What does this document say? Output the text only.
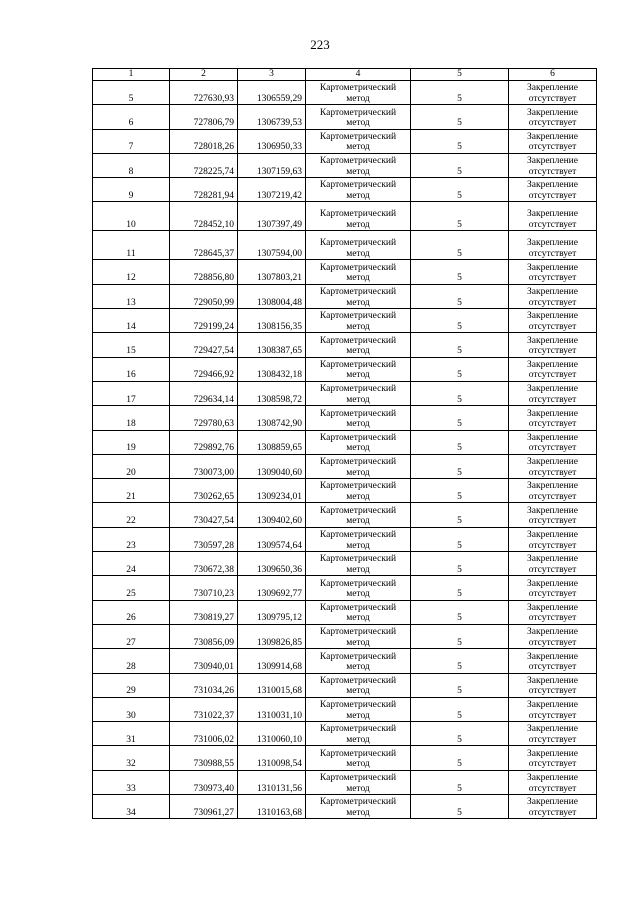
223
1	2	3	4	5	6
5	727630,93	1306559,29	Картометрический метод	5	Закрепление отсутствует
6	727806,79	1306739,53	Картометрический метод	5	Закрепление отсутствует
7	728018,26	1306950,33	Картометрический метод	5	Закрепление отсутствует
8	728225,74	1307159,63	Картометрический метод	5	Закрепление отсутствует
9	728281,94	1307219,42	Картометрический метод	5	Закрепление отсутствует
10	728452,10	1307397,49	Картометрический метод	5	Закрепление отсутствует
11	728645,37	1307594,00	Картометрический метод	5	Закрепление отсутствует
12	728856,80	1307803,21	Картометрический метод	5	Закрепление отсутствует
13	729050,99	1308004,48	Картометрический метод	5	Закрепление отсутствует
14	729199,24	1308156,35	Картометрический метод	5	Закрепление отсутствует
15	729427,54	1308387,65	Картометрический метод	5	Закрепление отсутствует
16	729466,92	1308432,18	Картометрический метод	5	Закрепление отсутствует
17	729634,14	1308598,72	Картометрический метод	5	Закрепление отсутствует
18	729780,63	1308742,90	Картометрический метод	5	Закрепление отсутствует
19	729892,76	1308859,65	Картометрический метод	5	Закрепление отсутствует
20	730073,00	1309040,60	Картометрический метод	5	Закрепление отсутствует
21	730262,65	1309234,01	Картометрический метод	5	Закрепление отсутствует
22	730427,54	1309402,60	Картометрический метод	5	Закрепление отсутствует
23	730597,28	1309574,64	Картометрический метод	5	Закрепление отсутствует
24	730672,38	1309650,36	Картометрический метод	5	Закрепление отсутствует
25	730710,23	1309692,77	Картометрический метод	5	Закрепление отсутствует
26	730819,27	1309795,12	Картометрический метод	5	Закрепление отсутствует
27	730856,09	1309826,85	Картометрический метод	5	Закрепление отсутствует
28	730940,01	1309914,68	Картометрический метод	5	Закрепление отсутствует
29	731034,26	1310015,68	Картометрический метод	5	Закрепление отсутствует
30	731022,37	1310031,10	Картометрический метод	5	Закрепление отсутствует
31	731006,02	1310060,10	Картометрический метод	5	Закрепление отсутствует
32	730988,55	1310098,54	Картометрический метод	5	Закрепление отсутствует
33	730973,40	1310131,56	Картометрический метод	5	Закрепление отсутствует
34	730961,27	1310163,68	Картометрический метод	5	Закрепление отсутствует
